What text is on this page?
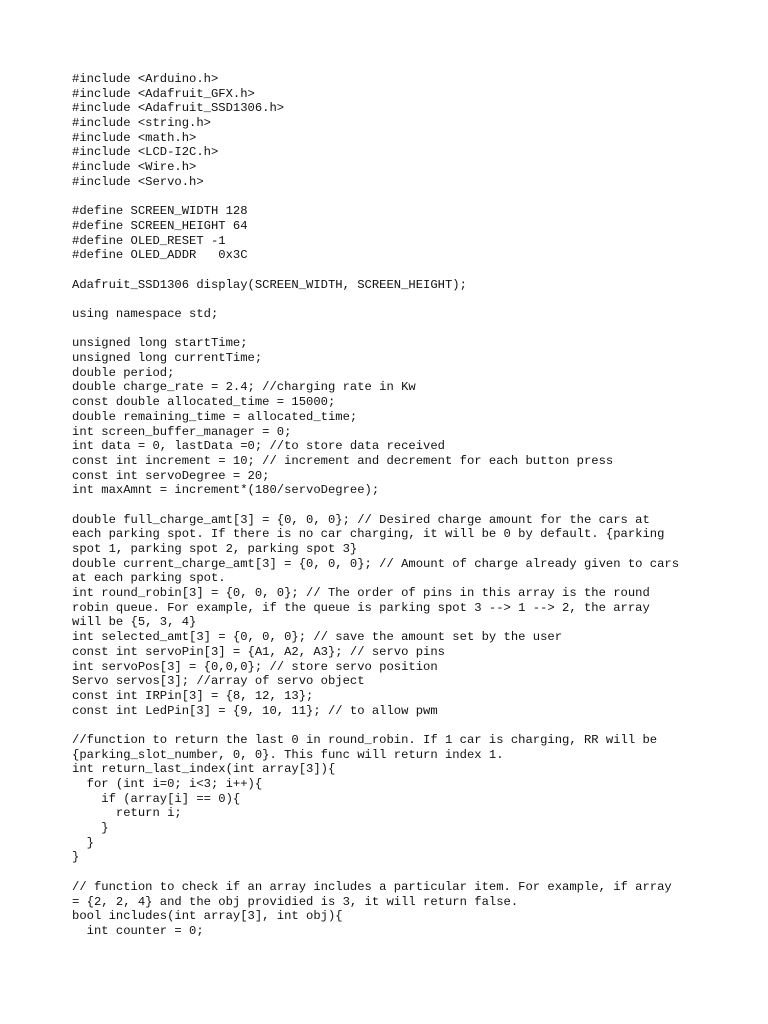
#include <Arduino.h>
#include <Adafruit_GFX.h>
#include <Adafruit_SSD1306.h>
#include <string.h>
#include <math.h>
#include <LCD-I2C.h>
#include <Wire.h>
#include <Servo.h>
#define SCREEN_WIDTH 128
#define SCREEN_HEIGHT 64
#define OLED_RESET -1
#define OLED_ADDR   0x3C
Adafruit_SSD1306 display(SCREEN_WIDTH, SCREEN_HEIGHT);
using namespace std;
unsigned long startTime;
unsigned long currentTime;
double period;
double charge_rate = 2.4; //charging rate in Kw
const double allocated_time = 15000;
double remaining_time = allocated_time;
int screen_buffer_manager = 0;
int data = 0, lastData =0; //to store data received
const int increment = 10; // increment and decrement for each button press
const int servoDegree = 20;
int maxAmnt = increment*(180/servoDegree);
double full_charge_amt[3] = {0, 0, 0}; // Desired charge amount for the cars at
each parking spot. If there is no car charging, it will be 0 by default. {parking
spot 1, parking spot 2, parking spot 3}
double current_charge_amt[3] = {0, 0, 0}; // Amount of charge already given to cars
at each parking spot.
int round_robin[3] = {0, 0, 0}; // The order of pins in this array is the round
robin queue. For example, if the queue is parking spot 3 --> 1 --> 2, the array
will be {5, 3, 4}
int selected_amt[3] = {0, 0, 0}; // save the amount set by the user
const int servoPin[3] = {A1, A2, A3}; // servo pins
int servoPos[3] = {0,0,0}; // store servo position
Servo servos[3]; //array of servo object
const int IRPin[3] = {8, 12, 13};
const int LedPin[3] = {9, 10, 11}; // to allow pwm
//function to return the last 0 in round_robin. If 1 car is charging, RR will be
{parking_slot_number, 0, 0}. This func will return index 1.
int return_last_index(int array[3]){
for (int i=0; i<3; i++){
if (array[i] == 0){
return i;
}
}
}
// function to check if an array includes a particular item. For example, if array
= {2, 2, 4} and the obj providied is 3, it will return false.
bool includes(int array[3], int obj){
int counter = 0;
